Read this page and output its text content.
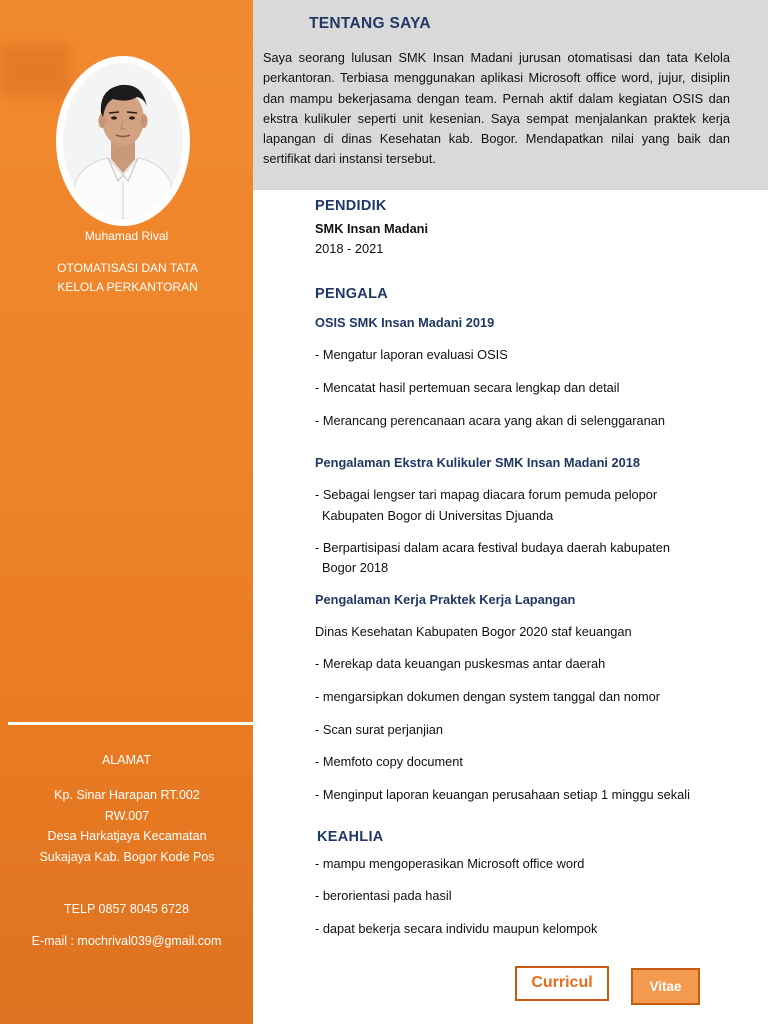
Muhamad Rival
OTOMATISASI DAN TATA
KELOLA PERKANTORAN
ALAMAT
Kp. Sinar Harapan RT.002
RW.007
Desa Harkatjaya Kecamatan
Sukajaya Kab. Bogor Kode Pos
TELP 0857 8045 6728
E-mail : mochrival039@gmail.com
TENTANG SAYA
Saya seorang lulusan SMK Insan Madani jurusan otomatisasi dan tata Kelola perkantoran. Terbiasa menggunakan aplikasi Microsoft office word, jujur, disiplin dan mampu bekerjasama dengan team. Pernah aktif dalam kegiatan OSIS dan ekstra kulikuler seperti unit kesenian. Saya sempat menjalankan praktek kerja lapangan di dinas Kesehatan kab. Bogor. Mendapatkan nilai yang baik dan sertifikat dari instansi tersebut.
PENDIDIK
SMK Insan Madani
2018 - 2021
PENGALA
OSIS SMK Insan Madani 2019
- Mengatur laporan evaluasi OSIS
- Mencatat hasil pertemuan secara lengkap dan detail
- Merancang perencanaan acara yang akan di selenggaranan
Pengalaman Ekstra Kulikuler SMK Insan Madani 2018
- Sebagai lengser tari mapag diacara forum pemuda pelopor
Kabupaten Bogor di Universitas Djuanda
- Berpartisipasi dalam acara festival budaya daerah kabupaten
Bogor 2018
Pengalaman Kerja Praktek Kerja Lapangan
Dinas Kesehatan Kabupaten Bogor 2020 staf keuangan
- Merekap data keuangan puskesmas antar daerah
- mengarsipkan dokumen dengan system tanggal dan nomor
- Scan surat perjanjian
- Memfoto copy document
- Menginput laporan keuangan perusahaan setiap 1 minggu sekali
KEAHLIA
- mampu mengoperasikan Microsoft office word
- berorientasi pada hasil
- dapat bekerja secara individu maupun kelompok
Curricul	Vitae
